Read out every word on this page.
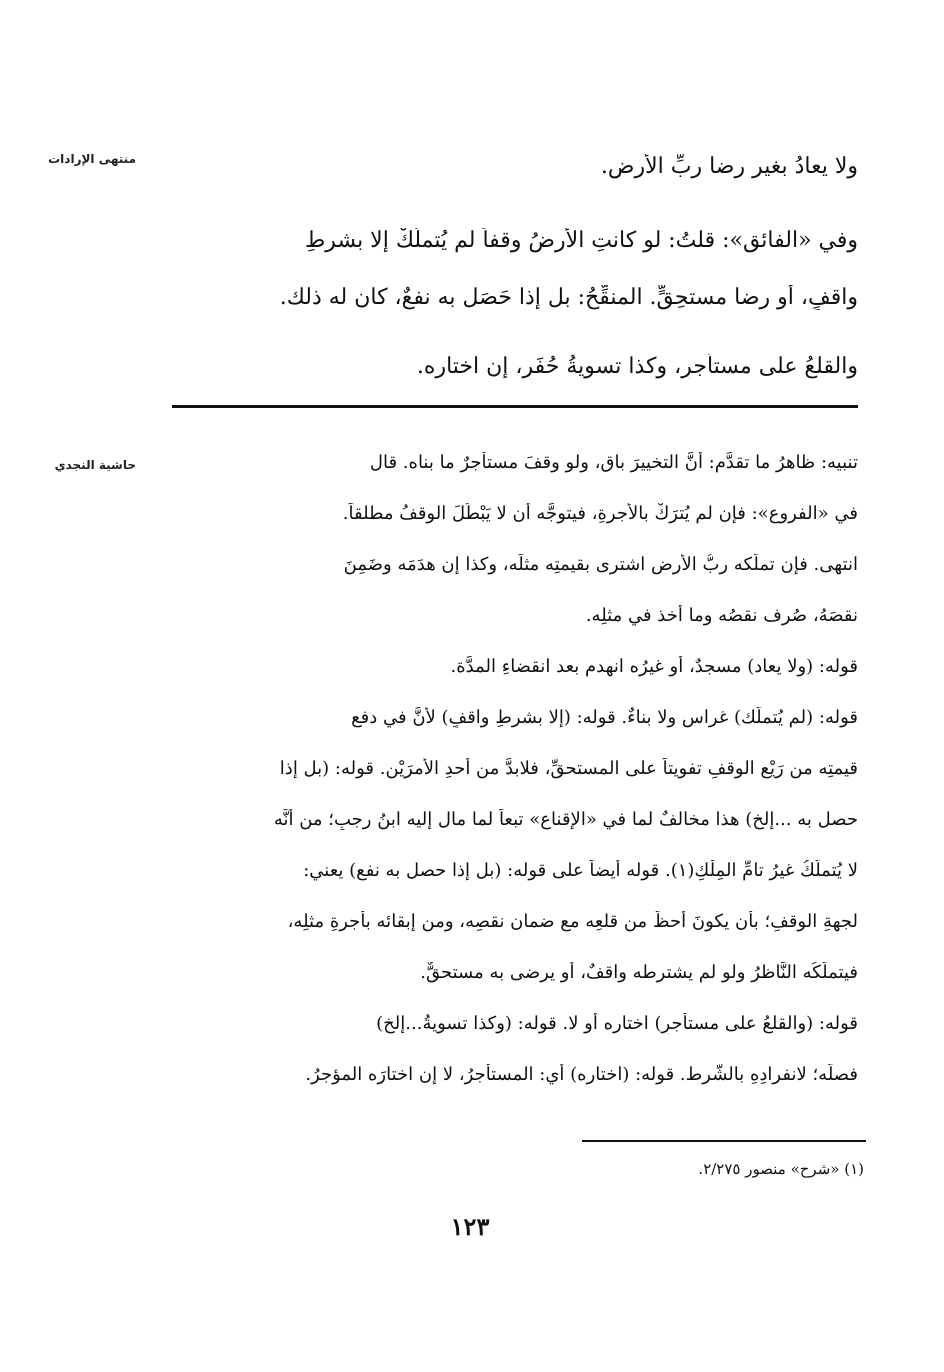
منتهى الإرادات
حاشية النجدي
ولا يعادُ بغير رضا ربِّ الأرضِ.
وفي «الفائق»: قلتُ: لو كانتِ الأرضُ وقفاً لم يُتملَّكْ إلا بشرطِ
واقفٍ، أو رِضا مستحِقٍّ. المنقِّحُ: بل إذا حَصَل به نفعٌ، كان له ذلك.
والقلعُ على مستأجرٍ، وكذا تسويةُ حُفَرٍ، إن اختاره.
تنبيه: ظاهرُ ما تقدَّم: أنَّ التخييرَ باقٍ، ولو وقفَ مستأجرٌ ما بناه. قال
في «الفروع»: فإن لم يُترَكْ بالأجرةِ، فيتوجَّه أن لا يَبْطُلَ الوقفُ مطلقاً.
انتهى. فإن تملَّكه ربُّ الأرضِ اشترى بقيمتِه مثلَه، وكذا إن هدَمَه وضَمِنَ
نقصَهُ، صُرِف نقصُه وما أُخذ في مثلِه.
قوله: (ولا يعاد) مسجدٌ، أو غيرُه انهدم بعد انقضاءِ المدَّة.
قوله: (لم يُتملَّك) غراس ولا بناءٌ. قوله: (إلا بشرطِ واقفٍ) لأنَّ في دفعِ
قيمتِه من رَيْعِ الوقفِ تفويتاً على المستحقِّ، فلابدَّ من أحدِ الأمرَيْنِ. قوله: (بل إذا
حصل به ...إلخ) هذا مخالفٌ لما في «الإقناع» تبعاً لما مال إليه ابنُ رجبٍ؛ من أنَّه
لا يُتملَّكُ غيرُ تامِّ المِلْكِ(١). قوله أيضاً على قوله: (بل إذا حصل به نفع) يعني:
لجهةِ الوقفِ؛ بأن يكونَ أحظَّ من قلعِه مع ضمان نقصِه، ومن إبقائه بأجرةِ مثلِه،
فيتملَّكُه النَّاظرُ ولو لم يشترطه واقفٌ، أو يرضى به مستحقٌّ.
قوله: (والقلعُ على مستأجرٍ) اختاره أو لا. قوله: (وكذا تسويةُ...إلخ)
فصلَّه؛ لانفرادِهِ بالشَّرط. قوله: (اختاره) أي: المستأجرُ، لا إن اختارَه المؤجرُ.
(١) «شرح» منصور ٢/٢٧٥.
١٢٣
